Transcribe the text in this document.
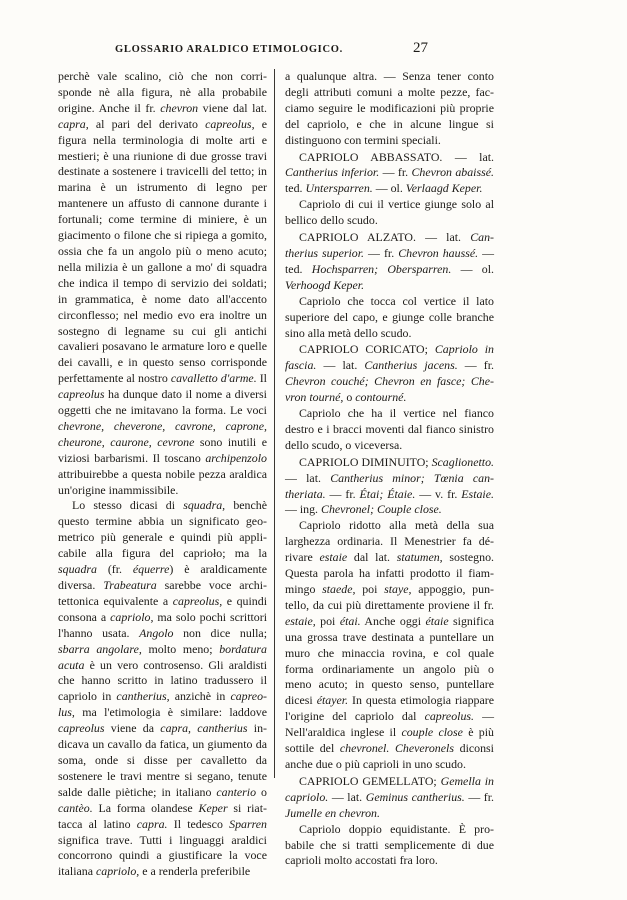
GLOSSARIO ARALDICO ETIMOLOGICO.	27

perchè vale scalino, ciò che non corrisponde nè alla figura, nè alla probabile origine. Anche il fr. chevron viene dal lat. capra, al pari del derivato capreolus, e figura nella terminologia di molte arti e mestieri; è una riunione di due grosse travi destinate a sostenere i travicelli del tetto; in marina è un istrumento di legno per mantenere un affusto di cannone durante i fortunali; come termine di miniere, è un giacimento o filone che si ripiega a gomito, ossia che fa un angolo più o meno acuto; nella milizia è un gallone a mo' di squadra che indica il tempo di servizio dei soldati; in grammatica, è nome dato all'accento circonflesso; nel medio evo era inoltre un sostegno di legname su cui gli antichi cavalieri posavano le armature loro e quelle dei cavalli, e in questo senso corrisponde perfettamente al nostro cavalletto d'arme. Il capreolus ha dunque dato il nome a diversi oggetti che ne imitavano la forma. Le voci chevrone, cheverone, cavrone, caprone, cheurone, caurone, cevrone sono inutili e viziosi barbarismi. Il toscano archipenzolo attribuirebbe a questa nobile pezza araldica un'origine inammissibile.

Lo stesso dicasi di squadra, benchè questo termine abbia un significato geometrico più generale e quindi più applicabile alla figura del caprioło; ma la squadra (fr. équerre) è araldicamente diversa. Trabeatura sarebbe voce architettonica equivalente a capreolus, e quindi consona a capriolo, ma solo pochi scrittori l'hanno usata. Angolo non dice nulla; sbarra angolare, molto meno; bordatura acuta è un vero controsenso. Gli araldisti che hanno scritto in latino tradussero il capriolo in cantherius, anzichè in capreolus, ma l'etimologia è similare: laddove capreolus viene da capra, cantherius indicava un cavallo da fatica, un giumento da soma, onde si disse per cavalletto da sostenere le travi mentre si segano, tenute salde dalle piètiche; in italiano canterio o cantèo. La forma olandese Keper si riattacca al latino capra. Il tedesco Sparren significa trave. Tutti i linguaggi araldici concorrono quindi a giustificare la voce italiana capriolo, e a renderla preferibile

a qualunque altra. — Senza tener conto degli attributi comuni a molte pezze, facciamo seguire le modificazioni più proprie del capriolo, e che in alcune lingue si distinguono con termini speciali.

CAPRIOLO ABBASSATO. — lat. Cantherius inferior. — fr. Chevron abaissé. ted. Untersparren. — ol. Verlaagd Keper.

Capriolo di cui il vertice giunge solo al bellico dello scudo.

CAPRIOLO ALZATO. — lat. Cantherius superior. — fr. Chevron haussé. — ted. Hochsparren; Obersparren. — ol. Verhoogd Keper.

Capriolo che tocca col vertice il lato superiore del capo, e giunge colle branche sino alla metà dello scudo.

CAPRIOLO CORICATO; Capriolo in fascia. — lat. Cantherius jacens. — fr. Chevron couché; Chevron en fasce; Chevron tourné, o contourné.

Capriolo che ha il vertice nel fianco destro e i bracci moventi dal fianco sinistro dello scudo, o viceversa.

CAPRIOLO DIMINUITO; Scaglionetto. — lat. Cantherius minor; Tœnia cantheriata. — fr. Étai; Étaie. — v. fr. Estaie. — ing. Chevronel; Couple close.

Capriolo ridotto alla metà della sua larghezza ordinaria. Il Menestrier fa dérivare estaie dal lat. statumen, sostegno. Questa parola ha infatti prodotto il fiammingo staede, poi staye, appoggio, puntello, da cui più direttamente proviene il fr. estaie, poi étai. Anche oggi étaie significa una grossa trave destinata a puntellare un muro che minaccia rovina, e col quale forma ordinariamente un angolo più o meno acuto; in questo senso, puntellare dicesi étayer. In questa etimologia riappare l'origine del capriolo dal capreolus. — Nell'araldica inglese il couple close è più sottile del chevronel. Cheveronels diconsi anche due o più caprioli in uno scudo.

CAPRIOLO GEMELLATO; Gemella in capriolo. — lat. Geminus cantherius. — fr. Jumelle en chevron.

Capriolo doppio equidistante. È probabile che si tratti semplicemente di due caprioli molto accostati fra loro.
